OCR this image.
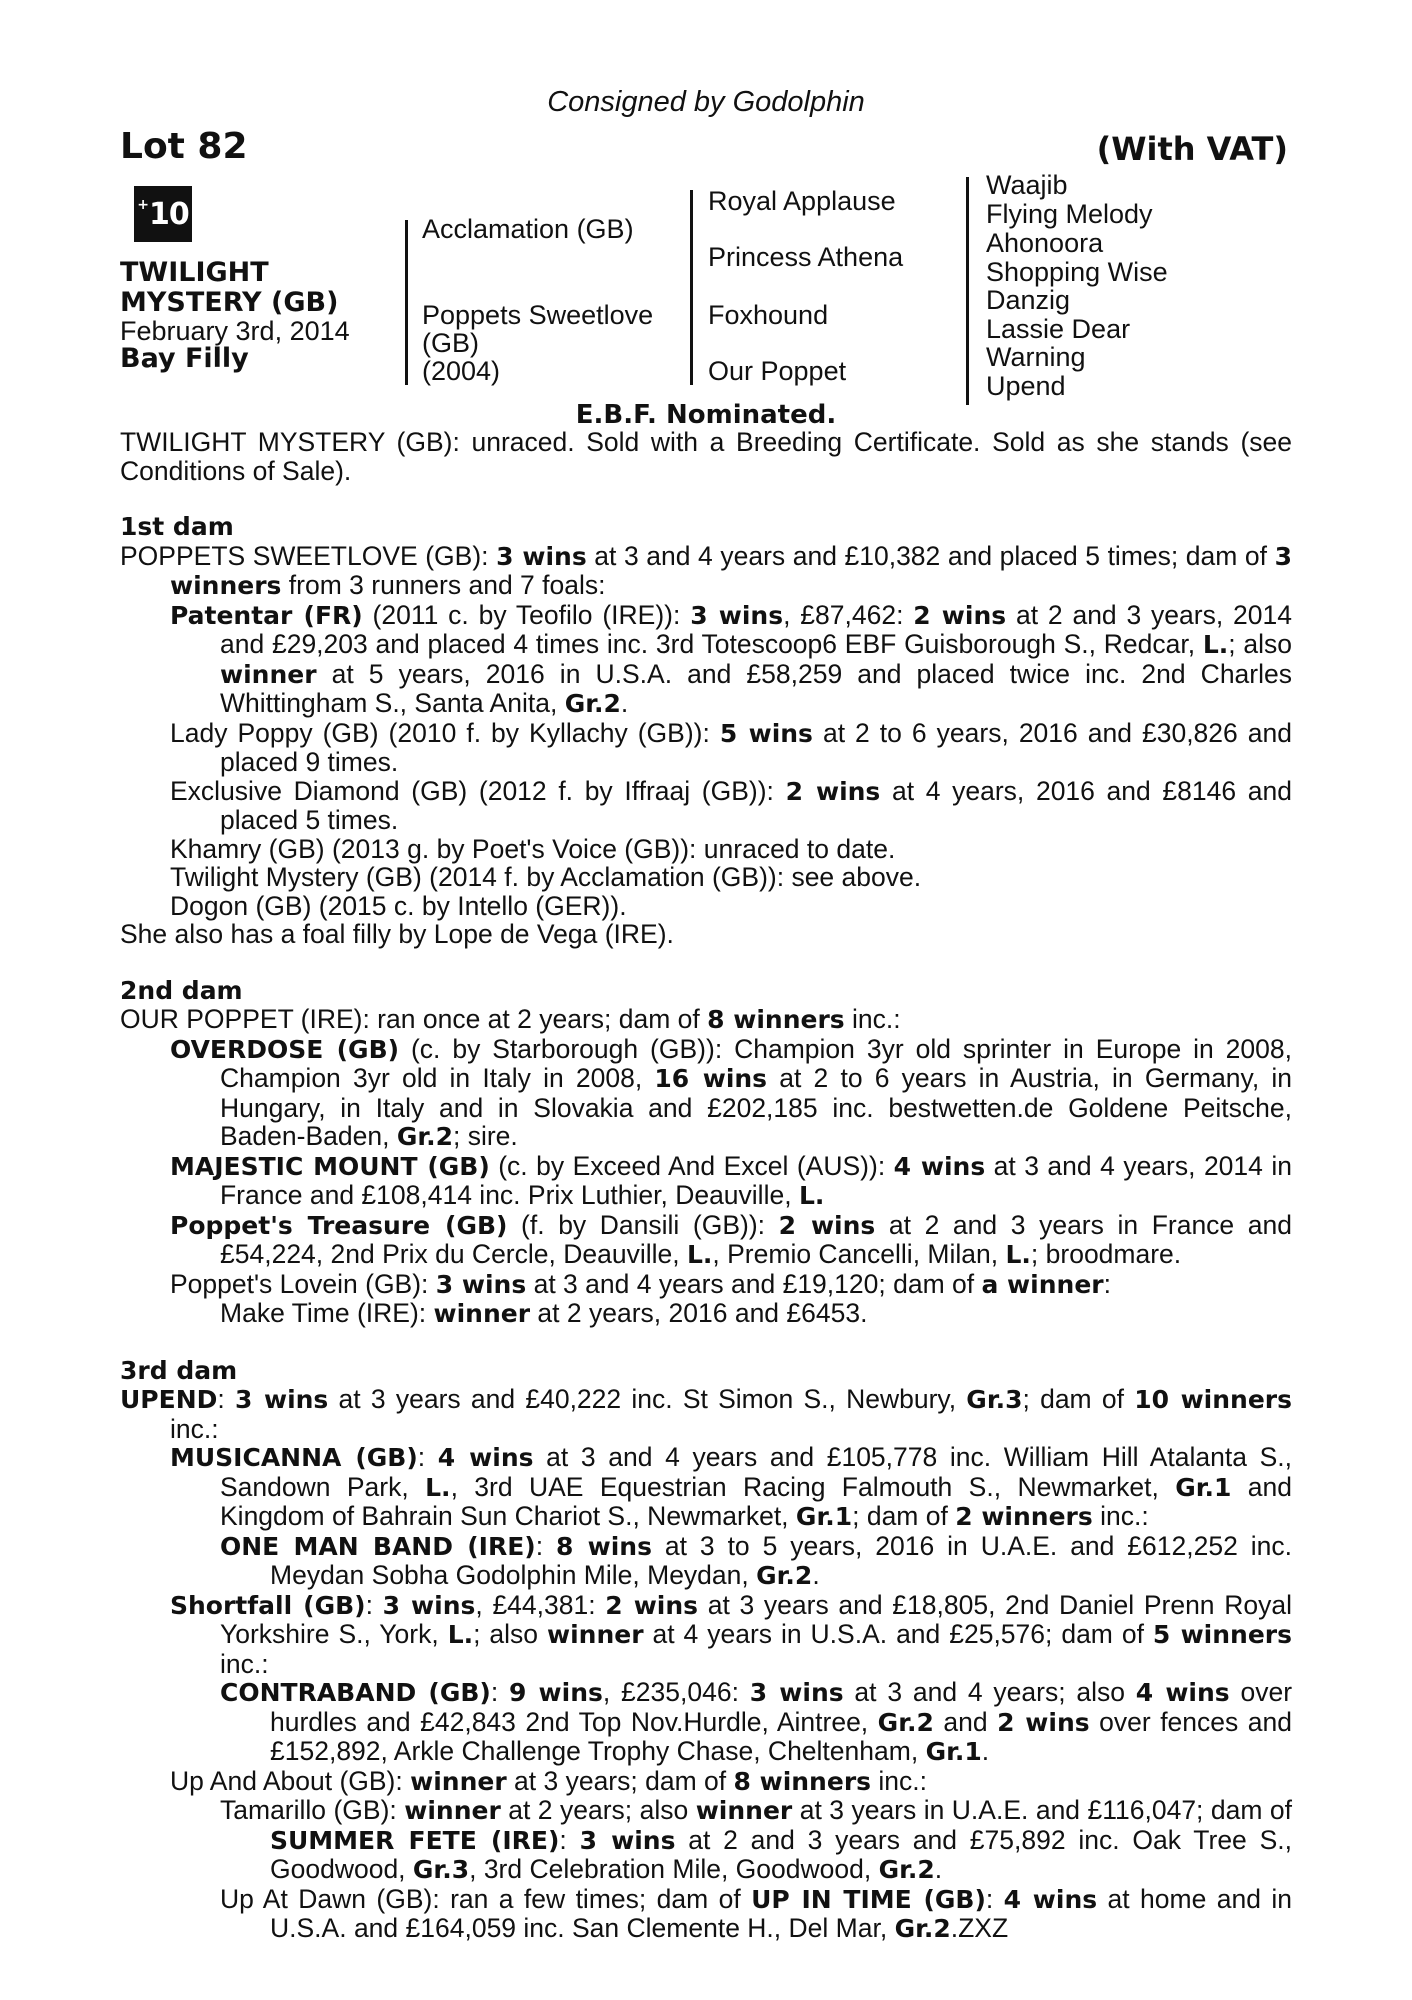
Consigned by Godolphin
Lot 82	(With VAT)
+ 10
TWILIGHT
MYSTERY (GB)
February 3rd, 2014
Bay Filly
Acclamation (GB)
Poppets Sweetlove
(GB)
(2004)
Royal Applause
Princess Athena
Foxhound
Our Poppet
Waajib
Flying Melody
Ahonoora
Shopping Wise
Danzig
Lassie Dear
Warning
Upend
E.B.F. Nominated.

TWILIGHT MYSTERY (GB): unraced. Sold with a Breeding Certificate. Sold as she stands (see Conditions of Sale).

1st dam

POPPETS SWEETLOVE (GB): 3 wins at 3 and 4 years and £10,382 and placed 5 times; dam of 3 winners from 3 runners and 7 foals:

Patentar (FR) (2011 c. by Teofilo (IRE)): 3 wins, £87,462: 2 wins at 2 and 3 years, 2014 and £29,203 and placed 4 times inc. 3rd Totescoop6 EBF Guisborough S., Redcar, L.; also winner at 5 years, 2016 in U.S.A. and £58,259 and placed twice inc. 2nd Charles Whittingham S., Santa Anita, Gr.2.

Lady Poppy (GB) (2010 f. by Kyllachy (GB)): 5 wins at 2 to 6 years, 2016 and £30,826 and placed 9 times.

Exclusive Diamond (GB) (2012 f. by Iffraaj (GB)): 2 wins at 4 years, 2016 and £8146 and placed 5 times.

Khamry (GB) (2013 g. by Poet's Voice (GB)): unraced to date.

Twilight Mystery (GB) (2014 f. by Acclamation (GB)): see above.

Dogon (GB) (2015 c. by Intello (GER)).

She also has a foal filly by Lope de Vega (IRE).

2nd dam

OUR POPPET (IRE): ran once at 2 years; dam of 8 winners inc.:

OVERDOSE (GB) (c. by Starborough (GB)): Champion 3yr old sprinter in Europe in 2008, Champion 3yr old in Italy in 2008, 16 wins at 2 to 6 years in Austria, in Germany, in Hungary, in Italy and in Slovakia and £202,185 inc. bestwetten.de Goldene Peitsche, Baden-Baden, Gr.2; sire.

MAJESTIC MOUNT (GB) (c. by Exceed And Excel (AUS)): 4 wins at 3 and 4 years, 2014 in France and £108,414 inc. Prix Luthier, Deauville, L.

Poppet's Treasure (GB) (f. by Dansili (GB)): 2 wins at 2 and 3 years in France and £54,224, 2nd Prix du Cercle, Deauville, L., Premio Cancelli, Milan, L.; broodmare.

Poppet's Lovein (GB): 3 wins at 3 and 4 years and £19,120; dam of a winner:

Make Time (IRE): winner at 2 years, 2016 and £6453.

3rd dam

UPEND: 3 wins at 3 years and £40,222 inc. St Simon S., Newbury, Gr.3; dam of 10 winners inc.:

MUSICANNA (GB): 4 wins at 3 and 4 years and £105,778 inc. William Hill Atalanta S., Sandown Park, L., 3rd UAE Equestrian Racing Falmouth S., Newmarket, Gr.1 and Kingdom of Bahrain Sun Chariot S., Newmarket, Gr.1; dam of 2 winners inc.:

ONE MAN BAND (IRE): 8 wins at 3 to 5 years, 2016 in U.A.E. and £612,252 inc. Meydan Sobha Godolphin Mile, Meydan, Gr.2.

Shortfall (GB): 3 wins, £44,381: 2 wins at 3 years and £18,805, 2nd Daniel Prenn Royal Yorkshire S., York, L.; also winner at 4 years in U.S.A. and £25,576; dam of 5 winners inc.:

CONTRABAND (GB): 9 wins, £235,046: 3 wins at 3 and 4 years; also 4 wins over hurdles and £42,843 2nd Top Nov.Hurdle, Aintree, Gr.2 and 2 wins over fences and £152,892, Arkle Challenge Trophy Chase, Cheltenham, Gr.1.

Up And About (GB): winner at 3 years; dam of 8 winners inc.:

Tamarillo (GB): winner at 2 years; also winner at 3 years in U.A.E. and £116,047; dam of SUMMER FETE (IRE): 3 wins at 2 and 3 years and £75,892 inc. Oak Tree S., Goodwood, Gr.3, 3rd Celebration Mile, Goodwood, Gr.2.

Up At Dawn (GB): ran a few times; dam of UP IN TIME (GB): 4 wins at home and in U.S.A. and £164,059 inc. San Clemente H., Del Mar, Gr.2.ZXZ
